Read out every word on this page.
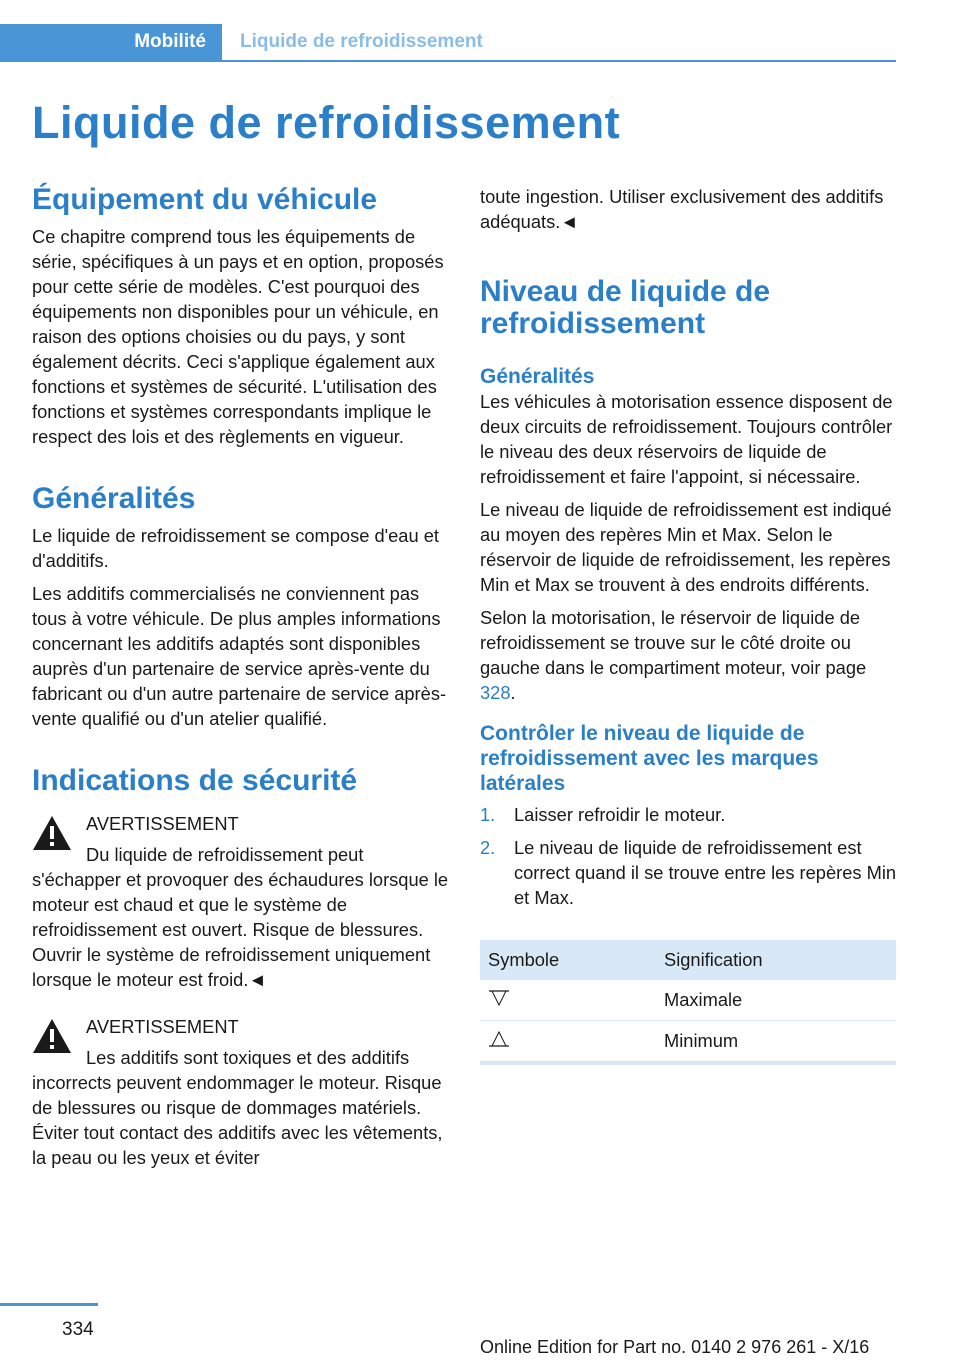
Mobilité Liquide de refroidissement
Liquide de refroidissement
Équipement du véhicule

Ce chapitre comprend tous les équipements de série, spécifiques à un pays et en option, proposés pour cette série de modèles. C'est pourquoi des équipements non disponibles pour un véhicule, en raison des options choisies ou du pays, y sont également décrits. Ceci s'applique également aux fonctions et systèmes de sécurité. L'utilisation des fonctions et systèmes correspondants implique le respect des lois et des règlements en vigueur.

Généralités

Le liquide de refroidissement se compose d'eau et d'additifs.

Les additifs commercialisés ne conviennent pas tous à votre véhicule. De plus amples informations concernant les additifs adaptés sont disponibles auprès d'un partenaire de service après-vente du fabricant ou d'un autre partenaire de service après-vente qualifié ou d'un atelier qualifié.

Indications de sécurité
AVERTISSEMENT

Du liquide de refroidissement peut

s'échapper et provoquer des échaudures lorsque le moteur est chaud et que le système de refroidissement est ouvert. Risque de blessures. Ouvrir le système de refroidissement uniquement lorsque le moteur est froid.◄

AVERTISSEMENT

Les additifs sont toxiques et des additifs

incorrects peuvent endommager le moteur. Risque de blessures ou risque de dommages matériels. Éviter tout contact des additifs avec les vêtements, la peau ou les yeux et éviter

toute ingestion. Utiliser exclusivement des additifs adéquats.◄

Niveau de liquide de refroidissement
Généralités

Les véhicules à motorisation essence disposent de deux circuits de refroidissement. Toujours contrôler le niveau des deux réservoirs de liquide de refroidissement et faire l'appoint, si nécessaire.

Le niveau de liquide de refroidissement est indiqué au moyen des repères Min et Max. Selon le réservoir de liquide de refroidissement, les repères Min et Max se trouvent à des endroits différents.

Selon la motorisation, le réservoir de liquide de refroidissement se trouve sur le côté droite ou gauche dans le compartiment moteur, voir page 328.

Contrôler le niveau de liquide de refroidissement avec les marques latérales
1. Laisser refroidir le moteur.
2. Le niveau de liquide de refroidissement est correct quand il se trouve entre les repères Min et Max.
Symbole	Signification
	Maximale
	Minimum
334
Online Edition for Part no. 0140 2 976 261 - X/16
